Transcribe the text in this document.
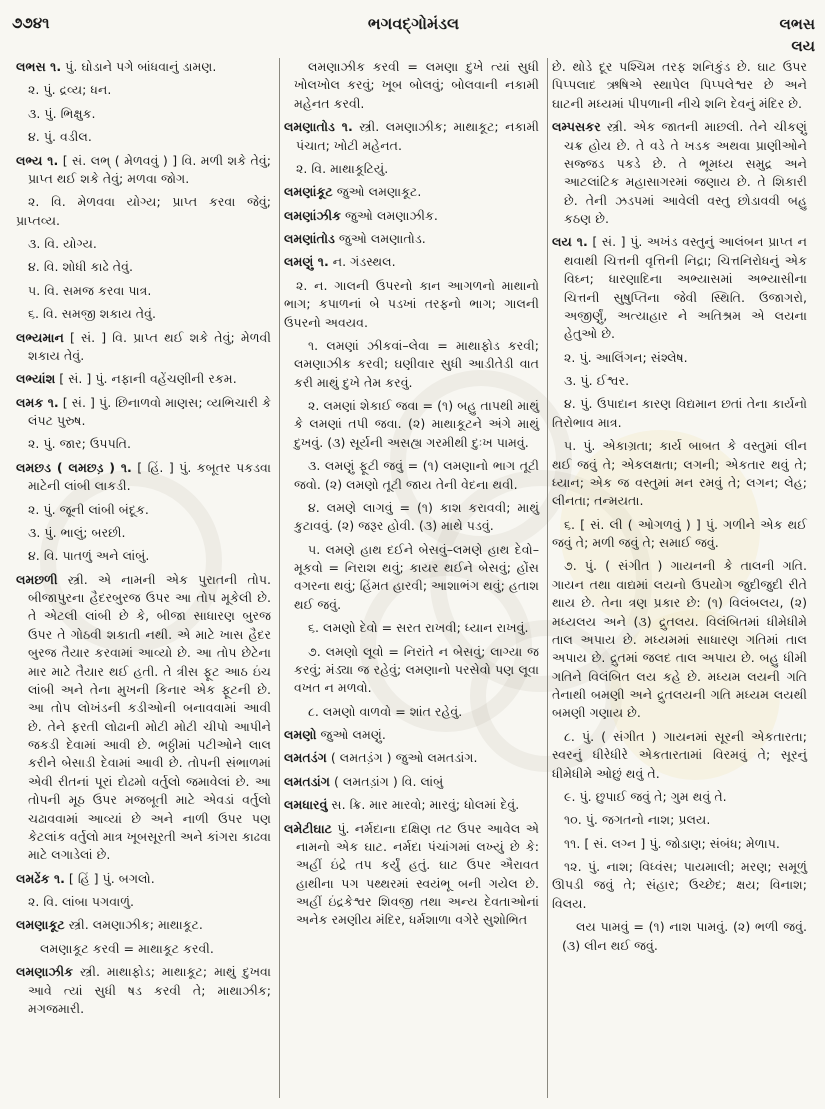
૭૭૪૧	ભગવદ્ગોમંડલ	લભસ
લય

લભસ ૧. પું. ઘોડાને પગે બાંધવાનું ડામણ.

૨. પું. દ્રવ્ય; ધન.

૩. પું. ભિક્ષુક.

૪. પું. વડીલ.

લભ્ય ૧. [ સં. લભ્ ( મેળવવું ) ] વિ. મળી શકે તેવું; પ્રાપ્ત થઈ શકે તેવું; મળવા જોગ.

૨. વિ. મેળવવા યોગ્ય; પ્રાપ્ત કરવા જેવું; પ્રાપ્તવ્ય.

૩. વિ. યોગ્ય.

૪. વિ. શોધી કાઢે તેવું.

૫. વિ. સમજ કરવા પાત્ર.

૬. વિ. સમજી શકાય તેવું.

લભ્યમાન [ સં. ] વિ. પ્રાપ્ત થઈ શકે તેવું; મેળવી શકાય તેવું.

લભ્યાંશ [ સં. ] પું. નફાની વહેંચણીની રકમ.

લમક ૧. [ સં. ] પું. છિનાળવો માણસ; વ્યભિચારી કે લંપટ પુરુષ.

૨. પું. જાર; ઉપપતિ.

લમછડ ( લમછડ઼ ) ૧. [ હિં. ] પું. કબૂતર પકડવા માટેની લાંબી લાકડી.

૨. પું. જૂની લાંબી બંદૂક.

૩. પું. ભાલું; બરછી.

૪. વિ. પાતળું અને લાંબું.

લમછળી સ્ત્રી. એ નામની એક પુરાતની તોપ. બીજાપુરના હૈદરબુરજ ઉપર આ તોપ મૂકેલી છે. તે એટલી લાંબી છે કે, બીજા સાધારણ બુરજ ઉપર તે ગોઠવી શકાતી નથી. એ માટે ખાસ હૈદર બુરજ તૈયાર કરવામાં આવ્યો છે. આ તોપ છેટેના માર માટે તૈયાર થઈ હતી. તે ત્રીસ ફૂટ આઠ ઇંચ લાંબી અને તેના મુખની કિનાર એક ફૂટની છે. આ તોપ લોખંડની કડીઓની બનાવવામાં આવી છે. તેને ફરતી લોઢાની મોટી મોટી ચીપો આપીને જકડી દેવામાં આવી છે. ભઠ્ઠીમાં પટીઓને લાલ કરીને બેસાડી દેવામાં આવી છે. તોપની સંભાળમાં એવી રીતનાં પૂરાં દોઢમો વર્તુલો જમાવેલાં છે. આ તોપની મૂઠ ઉપર મજબૂતી માટે એવડાં વર્તુલો ચઢાવવામાં આવ્યાં છે અને નાળી ઉપર પણ કેટલાંક વર્તુલો માત્ર ખૂબસૂરતી અને કાંગરા કાઢવા માટે લગાડેલાં છે.

લમઢેંક ૧. [ હિં ] પું. બગલો.

૨. વિ. લાંબા પગવાળું.

લમણાકૂટ સ્ત્રી. લમણાઝીક; માથાકૂટ.

લમણાકૂટ કરવી = માથાકૂટ કરવી.

લમણાઝીક સ્ત્રી. માથાફોડ; માથાકૂટ; માથું દુખવા આવે ત્યાં સુધી ષડ કરવી તે; માથાઝીક; મગજમારી.

લમણાઝીક કરવી = લમણા દુખે ત્યાં સુધી ખોલખોલ કરવું; ખૂબ બોલવું; બોલવાની નકામી મહેનત કરવી.

લમણાતોડ ૧. સ્ત્રી. લમણાઝીક; માથાકૂટ; નકામી પંચાત; ખોટી મહેનત.

૨. વિ. માથાકૂટિયું.

લમણાંકૂટ જુઓ લમણાકૂટ.

લમણાંઝીક જુઓ લમણાઝીક.

લમણાંતોડ જુઓ લમણાતોડ.

લમણું ૧. ન. ગંડસ્થલ.

૨. ન. ગાલની ઉપરનો કાન આગળનો માથાનો ભાગ; કપાળનાં બે પડખાં તરફનો ભાગ; ગાલની ઉપરનો અવયવ.

૧. લમણાં ઝીકવાં–લેવા = માથાફોડ કરવી; લમણાઝીક કરવી; ઘણીવાર સુધી આડીતેડી વાત કરી માથું દુખે તેમ કરવું.

૨. લમણાં શેકાઈ જવા = (૧) બહુ તાપથી માથું કે લમણાં તપી જવા. (૨) માથાકૂટને અંગે માથું દુખવું. (૩) સૂર્યની અસહ્ય ગરમીથી દુઃખ પામવું.

૩. લમણું ફૂટી જવું = (૧) લમણાનો ભાગ તૂટી જવો. (૨) લમણો તૂટી જાય તેની વેદના થવી.

૪. લમણે લાગવું = (૧) કાશ કરાવવી; માથું કુટાવવું. (૨) જરૂર હોવી. (૩) માથે પડવું.

૫. લમણે હાથ દઈને બેસવું–લમણે હાથ દેવો–મૂકવો = નિરાશ થવું; કાયર થઈને બેસવું; હોંસ વગરના થવું; હિંમત હારવી; આશાભંગ થવું; હતાશ થઈ જવું.

૬. લમણો દેવો = સરત રાખવી; ધ્યાન રાખવું.

૭. લમણો લૂવો = નિરાંતે ન બેસવું; લાગ્યા જ કરવું; મંડ્યા જ રહેવું; લમણાનો પરસેવો પણ લૂવા વખત ન મળવો.

૮. લમણો વાળવો = શાંત રહેવું.

લમણો જુઓ લમણું.

લમતડંગ ( લમતડ઼ંગ ) જુઓ લમતડાંગ.

લમતડાંગ ( લમતડ઼ાંગ ) વિ. લાંબું

લમધારવું સ. ક્રિ. માર મારવો; મારવું; ધોલમાં દેવું.

લમેટીઘાટ પું. નર્મદાના દક્ષિણ તટ ઉપર આવેલ એ નામનો એક ઘાટ. નર્મદા પંચાંગમાં લખ્યું છે કે: અહીં ઇંદ્રે તપ કર્યું હતું. ઘાટ ઉપર ઐરાવત હાથીના પગ પથ્થરમાં સ્વયંભૂ બની ગયેલ છે. અહીં ઇંદ્રકેશ્વર શિવજી તથા અન્ય દેવતાઓનાં અનેક રમણીય મંદિર, ધર્મશાળા વગેરે સુશોભિત

છે. થોડે દૂર પશ્ચિમ તરફ શનિકુંડ છે. ઘાટ ઉપર પિપ્પલાદ ઋષિએ સ્થાપેલ પિપ્પલેશ્વર છે અને ઘાટની મધ્યમાં પીપળાની નીચે શનિ દેવનું મંદિર છે.

લમ્પસકર સ્ત્રી. એક જાતની માછલી. તેને ચીકણું ચક્ર હોય છે. તે વડે તે ખડક અથવા પ્રાણીઓને સજ્જડ પકડે છે. તે ભૂમધ્ય સમુદ્ર અને આટલાંટિક મહાસાગરમાં જણાય છે. તે શિકારી છે. તેની ઝડપમાં આવેલી વસ્તુ છોડાવવી બહુ કઠણ છે.

લય ૧. [ સં. ] પું. અખંડ વસ્તુનું આલંબન પ્રાપ્ત ન થવાથી ચિત્તની વૃત્તિની નિદ્રા; ચિત્તનિરોધનું એક વિઘ્ન; ધારણાદિના અભ્યાસમાં અભ્યાસીના ચિત્તની સુષુપ્તિના જેવી સ્થિતિ. ઉજાગરો, અજીર્ણું, અત્યાહાર ને અતિશ્રમ એ લયના હેતુઓ છે.

૨. પું. આલિંગન; સંશ્લેષ.

૩. પું. ઈશ્વર.

૪. પું. ઉપાદાન કારણ વિદ્યમાન છતાં તેના કાર્યનો તિરોભાવ માત્ર.

૫. પું. એકાગ્રતા; કાર્ય બાબત કે વસ્તુમાં લીન થઈ જવું તે; એકલક્ષતા; લગની; એકતાર થવું તે; ધ્યાન; એક જ વસ્તુમાં મન રમવું તે; લગન; લેહ; લીનતા; તન્મયતા.

૬. [ સં. લી ( ઓગળવું ) ] પું. ગળીને એક થઈ જવું તે; મળી જવું તે; સમાઈ જવું.

૭. પું. ( સંગીત ) ગાયનની કે તાલની ગતિ. ગાયન તથા વાદ્યમાં લયનો ઉપયોગ જુદીજુદી રીતે થાય છે. તેના ત્રણ પ્રકાર છે: (૧) વિલંબલય, (૨) મધ્યલય અને (૩) દ્રુતલય. વિલંબિતમાં ધીમેધીમે તાલ અપાય છે. મધ્યમમાં સાધારણ ગતિમાં તાલ અપાય છે. દ્રુતમાં જલદ તાલ અપાય છે. બહુ ધીમી ગતિને વિલંબિત લય કહે છે. મધ્યમ લયની ગતિ તેનાથી બમણી અને દ્રુતલયની ગતિ મધ્યમ લયથી બમણી ગણાય છે.

૮. પું. ( સંગીત ) ગાયનમાં સૂરની એકતારતા; સ્વરનું ધીરેધીરે એકતારતામાં વિરમવું તે; સૂરનું ધીમેધીમે ઓછું થવું તે.

૯. પું. છુપાઈ જવું તે; ગુમ થવું તે.

૧૦. પું. જગતનો નાશ; પ્રલય.

૧૧. [ સં. લગ્ન ] પું. જોડાણ; સંબંધ; મેળાપ.

૧૨. પું. નાશ; વિધ્વંસ; પાયમાલી; મરણ; સમૂળું ઊપડી જવું તે; સંહાર; ઉચ્છેદ; ક્ષય; વિનાશ; વિલય.

લય પામવું = (૧) નાશ પામવું. (૨) ભળી જવું. (૩) લીન થઈ જવું.
